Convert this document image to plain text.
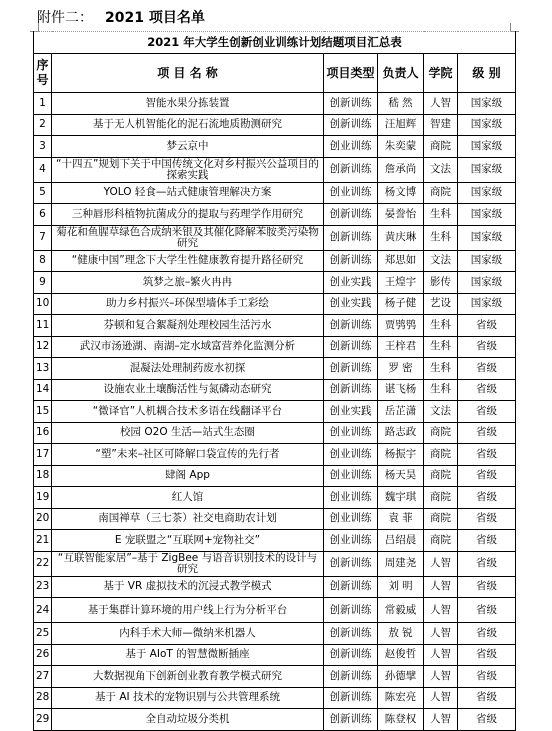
附件二： 2021 项目名单
2021 年大学生创新创业训练计划结题项目汇总表					
序号	项 目 名 称	项目类型	负责人	学院	级 别
1	智能水果分拣装置	创新训练	嵇 然	人智	国家级
2	基于无人机智能化的泥石流地质勘测研究	创新训练	汪旭辉	智建	国家级
3	梦云京中	创业训练	朱奕蒙	商院	国家级
4	“十四五”规划下关于中国传统文化对乡村振兴公益项目的探索实践	创新训练	詹承尚	文法	国家级
5	YOLO 轻食—站式健康管理解决方案	创业训练	杨文博	商院	国家级
6	三种唇形科植物抗菌成分的提取与药理学作用研究	创新训练	晏誊怡	生科	国家级
7	菊花和鱼腥草绿色合成纳米银及其催化降解苯胺类污染物研究	创新训练	黄庆琳	生科	国家级
8	“健康中国”理念下大学生性健康教育提升路径研究	创新训练	郑思如	文法	国家级
9	筑梦之旅–繁火冉冉	创业实践	王煌宇	影传	国家级
10	助力乡村振兴–环保型墙体手工彩绘	创业实践	杨子健	艺设	国家级
11	芬顿和复合絮凝剂处理校园生活污水	创新训练	贾鸮鸮	生科	省级
12	武汉市汤逊湖、南湖–定水域富营养化监测分析	创新训练	王梓君	生科	省级
13	混凝法处理制药废水初探	创新训练	罗 密	生科	省级
14	设施农业土壤酶活性与氮磷动态研究	创新训练	谌飞杨	生科	省级
15	“微译官”人机耦合技术多语在线翻译平台	创业实践	岳芷潇	文法	省级
16	校园 O2O 生活—站式生态圈	创业训练	路志政	商院	省级
17	“塑”未来–社区可降解口袋宣传的先行者	创业训练	杨振宇	商院	省级
18	肆阁 App	创业训练	杨天昊	商院	省级
19	红人馆	创业训练	魏宇琪	商院	省级
20	南国禅草（三七茶）社交电商助农计划	创业训练	袁 菲	商院	省级
21	E 宠联盟之“互联网+宠物社交”	创业训练	吕绍晨	商院	省级
22	“互联智能家居”–基于 ZigBee 与语音识别技术的设计与研究	创新训练	周建尧	人智	省级
23	基于 VR 虚拟技术的沉浸式教学模式	创新训练	刘 明	人智	省级
24	基于集群计算环境的用户线上行为分析平台	创新训练	常毅威	人智	省级
25	内科手术大师—微纳米机器人	创新训练	敖 锐	人智	省级
26	基于 AIoT 的智慧微断插座	创新训练	赵俊哲	人智	省级
27	大数据视角下创新创业教育教学模式研究	创新训练	孙德擘	人智	省级
28	基于 AI 技术的宠物识别与公共管理系统	创新训练	陈宏亮	人智	省级
29	全自动垃圾分类机	创新训练	陈登权	人智	省级
